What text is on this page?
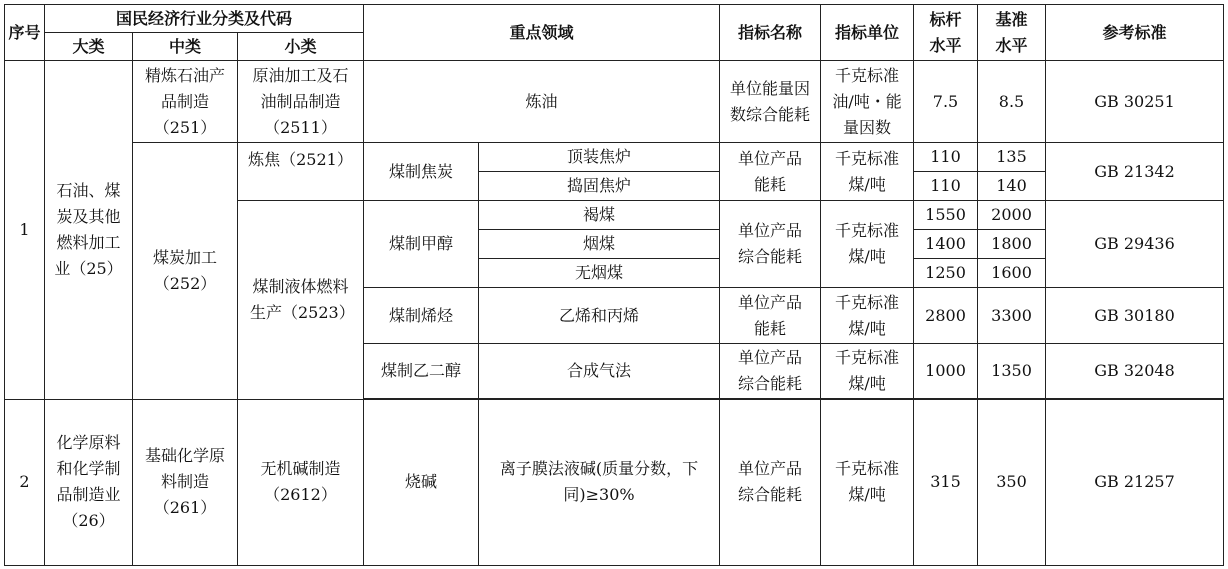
序号	国民经济行业分类及代码			重点领域		指标名称	指标单位	标杆水平	基准水平	参考标准
	大类	中类	小类							
1	石油、煤炭及其他燃料加工业（25）	精炼石油产品制造（251）	原油加工及石油制品制造（2511）	炼油		单位能量因数综合能耗	千克标准油/吨・能量因数	7.5	8.5	GB 30251
		煤炭加工（252）	炼焦（2521）	煤制焦炭	顶装焦炉	单位产品能耗	千克标准煤/吨	110	135	GB 21342
					捣固焦炉			110	140	
			煤制液体燃料生产（2523）	煤制甲醇	褐煤	单位产品综合能耗	千克标准煤/吨	1550	2000	GB 29436
					烟煤			1400	1800	
					无烟煤			1250	1600	
				煤制烯烃	乙烯和丙烯	单位产品能耗	千克标准煤/吨	2800	3300	GB 30180
				煤制乙二醇	合成气法	单位产品综合能耗	千克标准煤/吨	1000	1350	GB 32048

2	化学原料和化学制品制造业（26）	基础化学原料制造（261）	无机碱制造（2612）	烧碱	离子膜法液碱(质量分数，下同)≥30%	单位产品综合能耗	千克标准煤/吨	315	350	GB 21257
